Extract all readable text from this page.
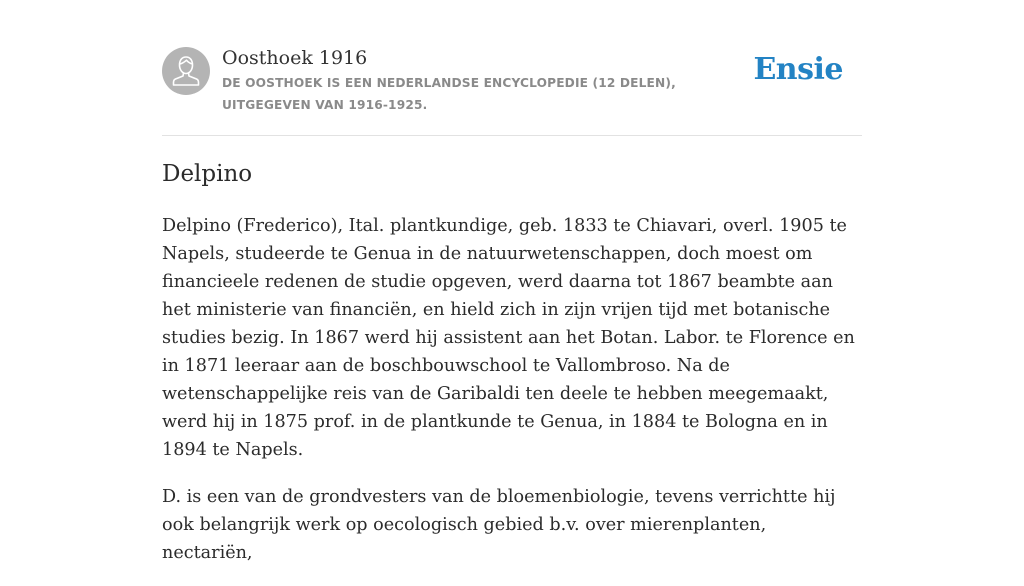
Oosthoek 1916

DE OOSTHOEK IS EEN NEDERLANDSE ENCYCLOPEDIE (12 DELEN), UITGEGEVEN VAN 1916-1925.

Ensie
Delpino

Delpino (Frederico), Ital. plantkundige, geb. 1833 te Chiavari, overl. 1905 te Napels, studeerde te Genua in de natuurwetenschappen, doch moest om financieele redenen de studie opgeven, werd daarna tot 1867 beambte aan het ministerie van financiën, en hield zich in zijn vrijen tijd met botanische studies bezig. In 1867 werd hij assistent aan het Botan. Labor. te Florence en in 1871 leeraar aan de boschbouwschool te Vallombroso. Na de wetenschappelijke reis van de Garibaldi ten deele te hebben meegemaakt, werd hij in 1875 prof. in de plantkunde te Genua, in 1884 te Bologna en in 1894 te Napels.

D. is een van de grondvesters van de bloemenbiologie, tevens verrichtte hij ook belangrijk werk op oecologisch gebied b.v. over mierenplanten, nectariën,
